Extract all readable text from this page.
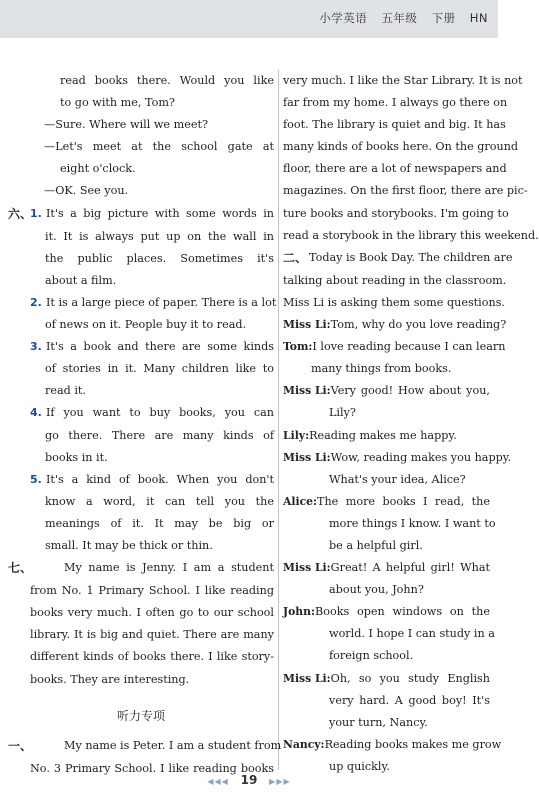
小学英语 五年级 下册 HN
read books there. Would you like
to go with me, Tom?
—Sure. Where will we meet?
—Let's meet at the school gate at
eight o'clock.
—OK. See you.
六、
1. It's a big picture with some words in
it. It is always put up on the wall in
the public places. Sometimes it's
about a film.
2. It is a large piece of paper. There is a lot
of news on it. People buy it to read.
3. It's a book and there are some kinds
of stories in it. Many children like to
read it.
4. If you want to buy books, you can
go there. There are many kinds of
books in it.
5. It's a kind of book. When you don't
know a word, it can tell you the
meanings of it. It may be big or
small. It may be thick or thin.
七、	My name is Jenny. I am a student
from No. 1 Primary School. I like reading
books very much. I often go to our school
library. It is big and quiet. There are many
different kinds of books there. I like story-
books. They are interesting.
听力专项
一、	My name is Peter. I am a student from
No. 3 Primary School. I like reading books
very much. I like the Star Library. It is not
far from my home. I always go there on
foot. The library is quiet and big. It has
many kinds of books here. On the ground
floor, there are a lot of newspapers and
magazines. On the first floor, there are pic-
ture books and storybooks. I'm going to
read a storybook in the library this weekend.
二、 Today is Book Day. The children are
talking about reading in the classroom.
Miss Li is asking them some questions.
Miss Li: Tom, why do you love reading?
Tom: I love reading because I can learn
many things from books.
Miss Li: Very good! How about you,
Lily?
Lily: Reading makes me happy.
Miss Li: Wow, reading makes you happy.
What's your idea, Alice?
Alice: The more books I read, the
more things I know. I want to
be a helpful girl.
Miss Li: Great! A helpful girl! What
about you, John?
John: Books open windows on the
world. I hope I can study in a
foreign school.
Miss Li: Oh, so you study English
very hard. A good boy! It's
your turn, Nancy.
Nancy: Reading books makes me grow
up quickly.
◀◀◀ 19 ▶▶▶
